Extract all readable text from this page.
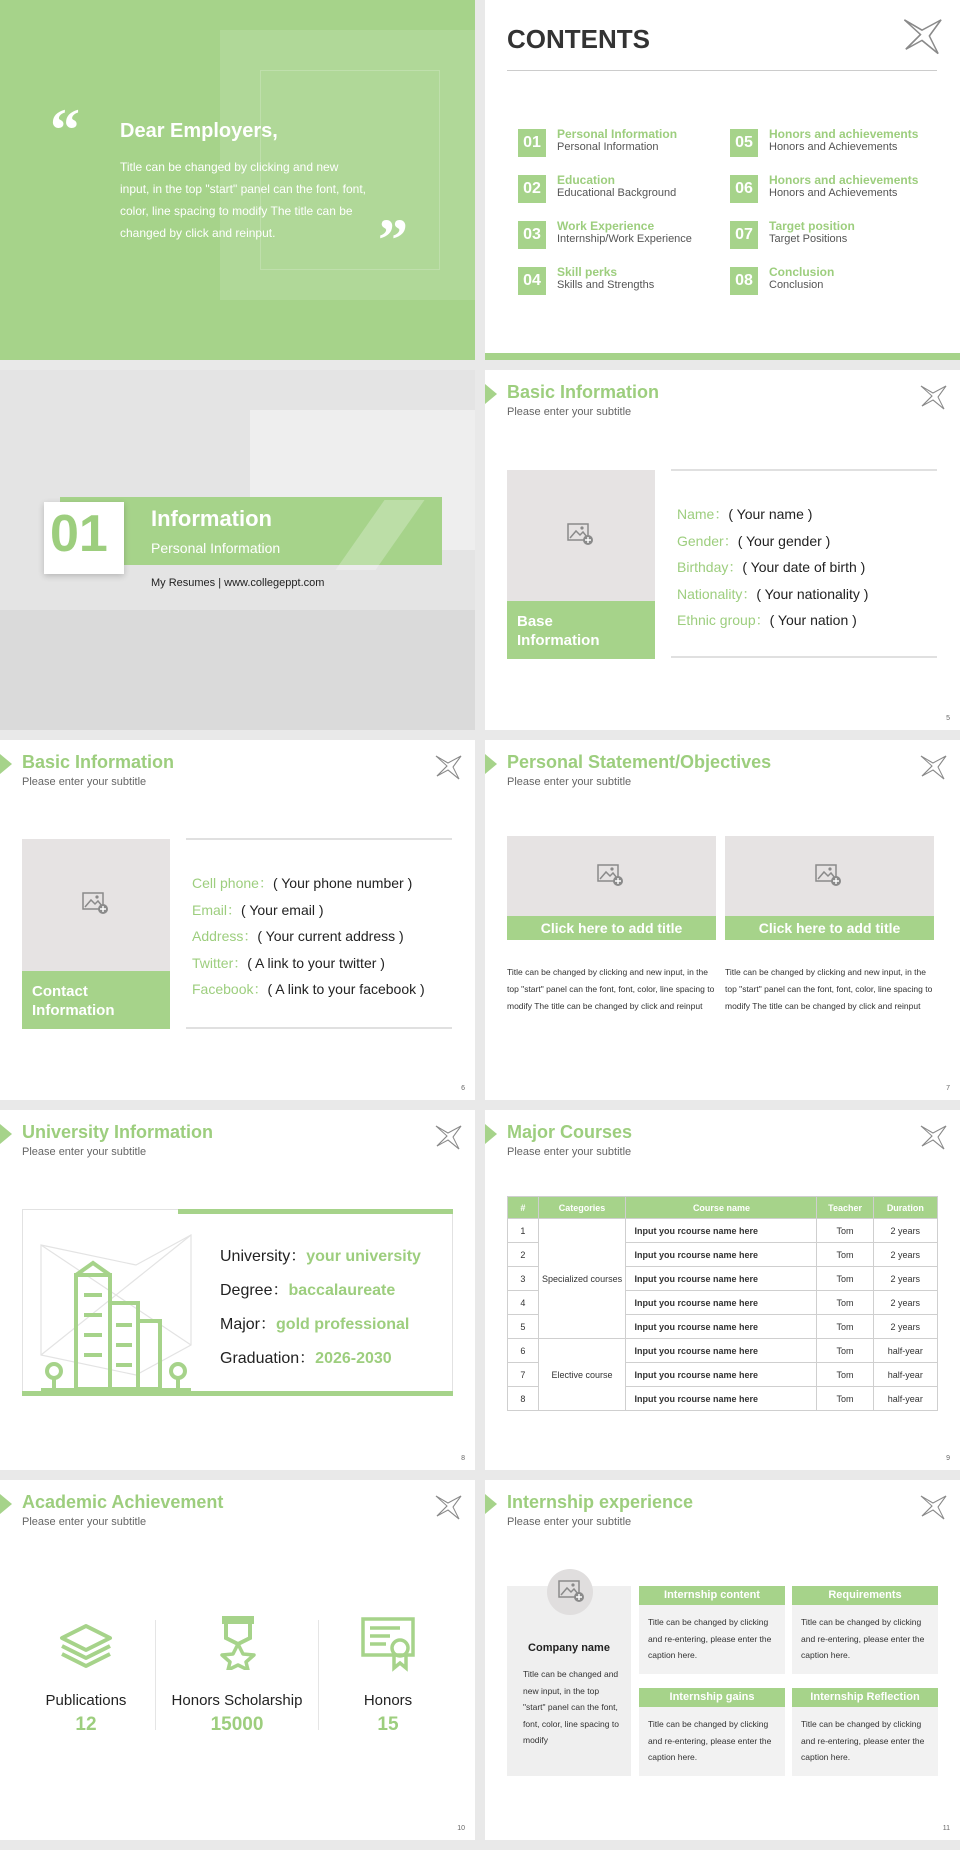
“
”
Dear Employers,
Title can be changed by clicking and new input, in the top "start" panel can the font, font, color, line spacing to modify The title can be changed by click and reinput.
CONTENTS
01	Personal Information
Personal Information
02	Education
Educational Background
03	Work Experience
Internship/Work Experience
04	Skill perks
Skills and Strengths
05	Honors and achievements
Honors and Achievements
06	Honors and achievements
Honors and Achievements
07	Target position
Target Positions
08	Conclusion
Conclusion
01 Information
Personal Information
My Resumes | www.collegeppt.com
Basic Information
Please enter your subtitle
Base Information
Name：( Your name )
Gender：( Your gender )
Birthday：( Your date of birth )
Nationality：( Your nationality )
Ethnic group：( Your nation )
5
Basic Information
Please enter your subtitle
Contact Information
Cell phone：( Your phone number )
Email：( Your email )
Address：( Your current address )
Twitter：( A link to your twitter )
Facebook：( A link to your facebook )
6
Personal Statement/Objectives
Please enter your subtitle
Click here to add title
Title can be changed by clicking and new input, in the top "start" panel can the font, font, color, line spacing to modify The title can be changed by click and reinput
Click here to add title
Title can be changed by clicking and new input, in the top "start" panel can the font, font, color, line spacing to modify The title can be changed by click and reinput
7
University Information
Please enter your subtitle
University：your university
Degree：baccalaureate
Major：gold professional
Graduation：2026-2030
8
Major Courses
Please enter your subtitle
#	Categories	Course name	Teacher	Duration
1	Specialized courses	Input you rcourse name here	Tom	2 years
2		Input you rcourse name here	Tom	2 years
3		Input you rcourse name here	Tom	2 years
4		Input you rcourse name here	Tom	2 years
5		Input you rcourse name here	Tom	2 years
6	Elective course	Input you rcourse name here	Tom	half-year
7		Input you rcourse name here	Tom	half-year
8		Input you rcourse name here	Tom	half-year
9
Academic Achievement
Please enter your subtitle
Publications
12
Honors Scholarship
15000
Honors
15
10
Internship experience
Please enter your subtitle
Company name
Title can be changed and new input, in the top "start" panel can the font, font, color, line spacing to modify
Internship content
Title can be changed by clicking and re-entering, please enter the caption here.
Requirements
Title can be changed by clicking and re-entering, please enter the caption here.
Internship gains
Title can be changed by clicking and re-entering, please enter the caption here.
Internship Reflection
Title can be changed by clicking and re-entering, please enter the caption here.
11
